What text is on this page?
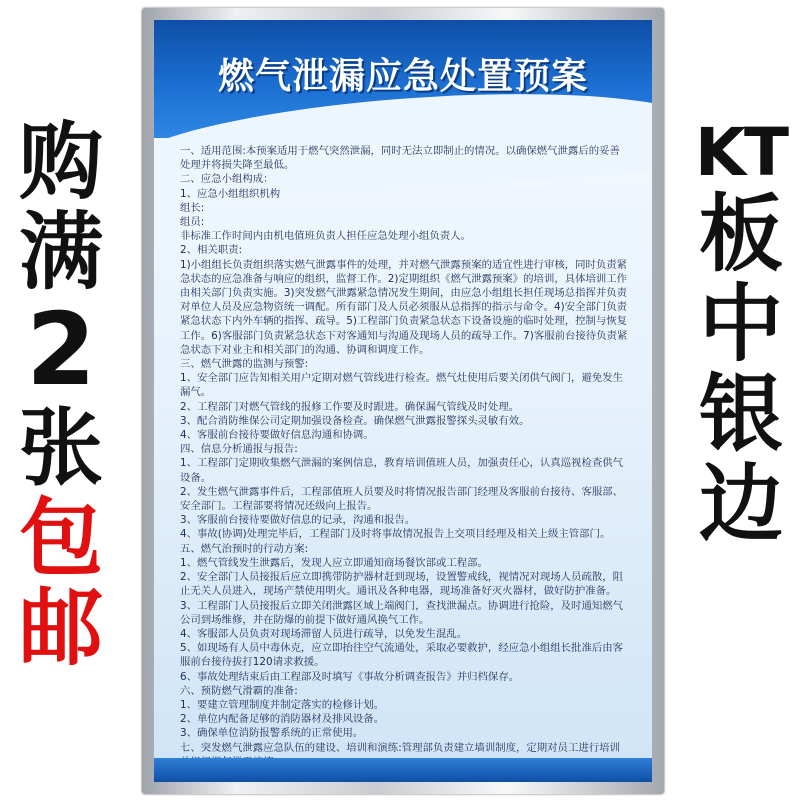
购
满
2
张
包
邮
KT
板
中
银
边
燃气泄漏应急处置预案

一、适用范围:本预案适用于燃气突然泄漏，同时无法立即制止的情况。以确保燃气泄露后的妥善处理并将损失降至最低。

二、应急小组构成：

1、应急小组组织机构

组长:

组员:

非标准工作时间内由机电值班负责人担任应急处理小组负责人。

2、相关职责:

1)小组组长负责组织落实燃气泄露事件的处理，并对燃气泄露预案的适宜性进行审核，同时负责紧急状态的应急准备与响应的组织，监督工作。2)定期组织《燃气泄露预案》的培训，具体培训工作由相关部门负责实施。3)突发燃气泄露紧急情况发生期间，由应急小组组长担任现场总指挥并负责对单位人员及应急物资统一调配。所有部门及人员必须服从总指挥的指示与命令。4)安全部门负责紧急状态下内外车辆的指挥、疏导。5)工程部门负责紧急状态下设备设施的临时处理，控制与恢复工作。6)客服部门负责紧急状态下对客通知与沟通及现场人员的疏导工作。7)客服前台接待负责紧急状态下对业主和相关部门的沟通、协调和调度工作。

三、燃气泄露的监测与预警:

1、安全部门应告知相关用户定期对燃气管线进行检查。燃气灶使用后要关闭供气阀门，避免发生漏气。

2、工程部门对燃气管线的报修工作要及时跟进。确保漏气管线及时处理。

3、配合消防维保公司定期加强设备检查。确保燃气泄露报警探头灵敏有效。

4、客服前台接待要做好信息沟通和协调。

四、信息分析通报与报告:

1、工程部门定期收集燃气泄漏的案例信息，教育培训值班人员，加强责任心，认真巡视检查供气设备。

2、发生燃气泄露事件后，工程部值班人员要及时将情况报告部门经理及客服前台接待、客服部、安全部门。工程部要将情况还级向上报告。

3、客服前台接待要做好信息的记录，沟通和报告。

4、事故(协调)处理完毕后，工程部门及时将事故情况报告上交项目经理及相关上级主管部门。

五、燃气治预时的行动方案:

1、燃气管线发生泄露后，发现人应立即通知商场餐饮部或工程部。

2、安全部门人员接报后应立即携带防护器材赶到现场，设置警戒线，视情况对现场人员疏散，阻止无关人员进入，现场产禁使用明火。通讯及各种电器，现场准备好灭火器材，做好防护准备。

3、工程部门人员接报后立即关闭泄露区域上端阀门，查找泄漏点。协调进行抢险，及时通知燃气公司到场维修，并在防爆的前提下做好通风换气工作。

4、客服部人员负责对现场滞留人员进行疏导，以免发生混乱。

5、如现场有人员中毒休克，应立即抬往空气流通处，采取必要救护，经应急小组组长批准后由客服前台接待拔打120请求救援。

6、事故处理结束后由工程部及时填写《事故分析调查报告》并归档保存。

六、预防燃气滑霸的准备:

1、要建立管理制度并制定落实的检修计划。

2、单位内配备足够的消防器材及排风设备。

3、确保单位消防报警系统的正常使用。

七、突发燃气泄露应急队伍的建设、培训和演练:管理部负责建立墙训制度，定期对员工进行培训
